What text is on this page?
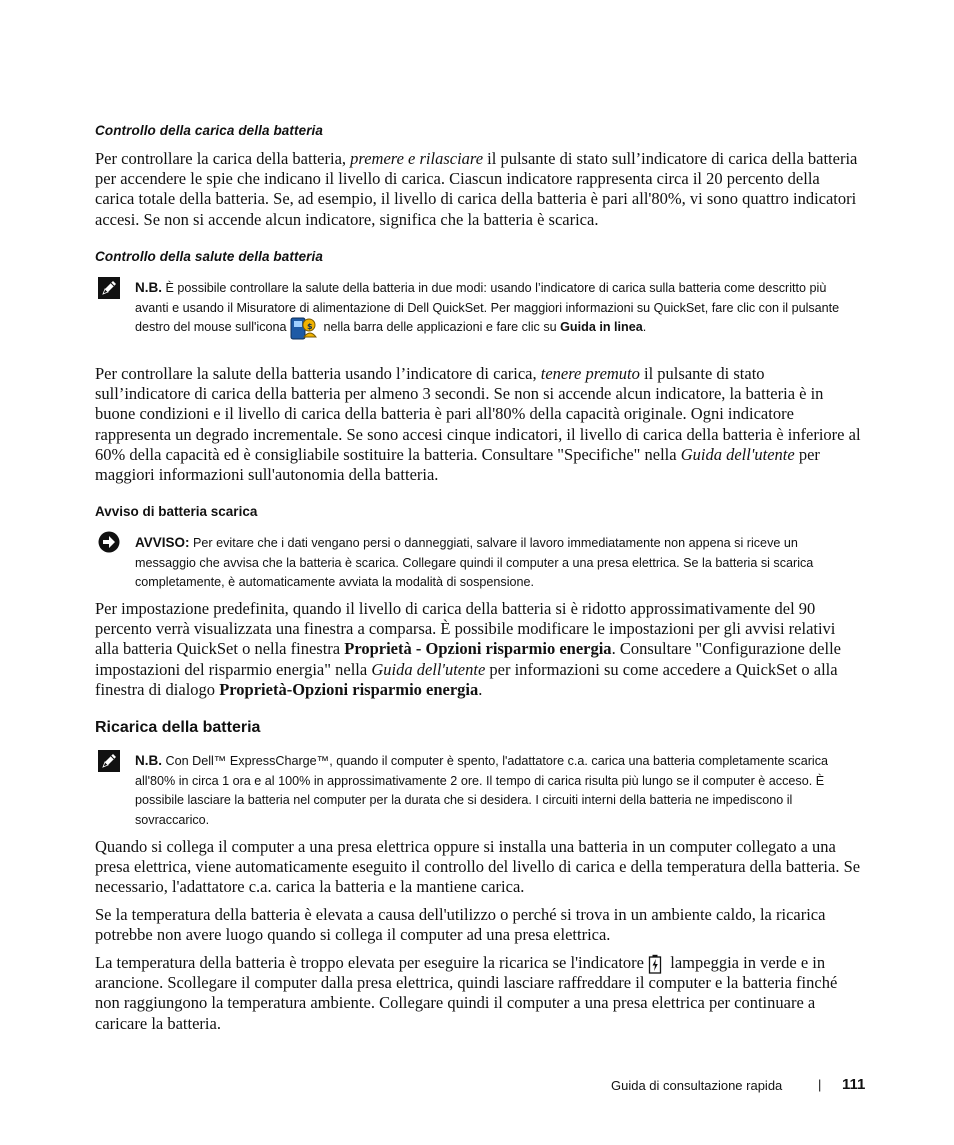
Controllo della carica della batteria

Per controllare la carica della batteria, premere e rilasciare il pulsante di stato sull’indicatore di carica della batteria per accendere le spie che indicano il livello di carica. Ciascun indicatore rappresenta circa il 20 percento della carica totale della batteria. Se, ad esempio, il livello di carica della batteria è pari all'80%, vi sono quattro indicatori accesi. Se non si accende alcun indicatore, significa che la batteria è scarica.

Controllo della salute della batteria
N.B. È possibile controllare la salute della batteria in due modi: usando l’indicatore di carica sulla batteria come descritto più avanti e usando il Misuratore di alimentazione di Dell QuickSet. Per maggiori informazioni su QuickSet, fare clic con il pulsante destro del mouse sull'icona $ nella barra delle applicazioni e fare clic su Guida in linea.

Per controllare la salute della batteria usando l’indicatore di carica, tenere premuto il pulsante di stato sull’indicatore di carica della batteria per almeno 3 secondi. Se non si accende alcun indicatore, la batteria è in buone condizioni e il livello di carica della batteria è pari all'80% della capacità originale. Ogni indicatore rappresenta un degrado incrementale. Se sono accesi cinque indicatori, il livello di carica della batteria è inferiore al 60% della capacità ed è consigliabile sostituire la batteria. Consultare "Specifiche" nella Guida dell'utente per maggiori informazioni sull'autonomia della batteria.

Avviso di batteria scarica
AVVISO: Per evitare che i dati vengano persi o danneggiati, salvare il lavoro immediatamente non appena si riceve un messaggio che avvisa che la batteria è scarica. Collegare quindi il computer a una presa elettrica. Se la batteria si scarica completamente, è automaticamente avviata la modalità di sospensione.

Per impostazione predefinita, quando il livello di carica della batteria si è ridotto approssimativamente del 90 percento verrà visualizzata una finestra a comparsa. È possibile modificare le impostazioni per gli avvisi relativi alla batteria QuickSet o nella finestra Proprietà - Opzioni risparmio energia. Consultare "Configurazione delle impostazioni del risparmio energia" nella Guida dell'utente per informazioni su come accedere a QuickSet o alla finestra di dialogo Proprietà-Opzioni risparmio energia.

Ricarica della batteria
N.B. Con Dell™ ExpressCharge™, quando il computer è spento, l'adattatore c.a. carica una batteria completamente scarica all'80% in circa 1 ora e al 100% in approssimativamente 2 ore. Il tempo di carica risulta più lungo se il computer è acceso. È possibile lasciare la batteria nel computer per la durata che si desidera. I circuiti interni della batteria ne impediscono il sovraccarico.

Quando si collega il computer a una presa elettrica oppure si installa una batteria in un computer collegato a una presa elettrica, viene automaticamente eseguito il controllo del livello di carica e della temperatura della batteria. Se necessario, l'adattatore c.a. carica la batteria e la mantiene carica.

Se la temperatura della batteria è elevata a causa dell'utilizzo o perché si trova in un ambiente caldo, la ricarica potrebbe non avere luogo quando si collega il computer ad una presa elettrica.

La temperatura della batteria è troppo elevata per eseguire la ricarica se l'indicatore  lampeggia in verde e in arancione. Scollegare il computer dalla presa elettrica, quindi lasciare raffreddare il computer e la batteria finché non raggiungono la temperatura ambiente. Collegare quindi il computer a una presa elettrica per continuare a caricare la batteria.

Guida di consultazione rapida	| 111
